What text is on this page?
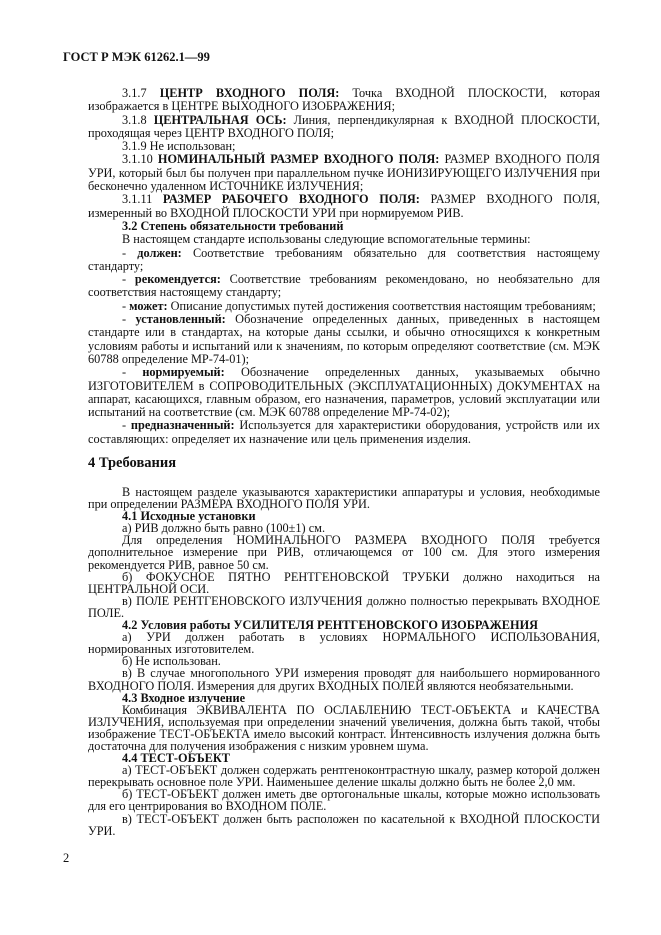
ГОСТ Р МЭК 61262.1—99

3.1.7 ЦЕНТР ВХОДНОГО ПОЛЯ: Точка ВХОДНОЙ ПЛОСКОСТИ, которая изображается в ЦЕНТРЕ ВЫХОДНОГО ИЗОБРАЖЕНИЯ;

3.1.8 ЦЕНТРАЛЬНАЯ ОСЬ: Линия, перпендикулярная к ВХОДНОЙ ПЛОСКОСТИ, проходящая через ЦЕНТР ВХОДНОГО ПОЛЯ;

3.1.9 Не использован;

3.1.10 НОМИНАЛЬНЫЙ РАЗМЕР ВХОДНОГО ПОЛЯ: РАЗМЕР ВХОДНОГО ПОЛЯ УРИ, который был бы получен при параллельном пучке ИОНИЗИРУЮЩЕГО ИЗЛУЧЕНИЯ при бесконечно удаленном ИСТОЧНИКЕ ИЗЛУЧЕНИЯ;

3.1.11 РАЗМЕР РАБОЧЕГО ВХОДНОГО ПОЛЯ: РАЗМЕР ВХОДНОГО ПОЛЯ, измеренный во ВХОДНОЙ ПЛОСКОСТИ УРИ при нормируемом РИВ.

3.2 Степень обязательности требований

В настоящем стандарте использованы следующие вспомогательные термины:

- должен: Соответствие требованиям обязательно для соответствия настоящему стандарту;

- рекомендуется: Соответствие требованиям рекомендовано, но необязательно для соответствия настоящему стандарту;

- может: Описание допустимых путей достижения соответствия настоящим требованиям;

- установленный: Обозначение определенных данных, приведенных в настоящем стандарте или в стандартах, на которые даны ссылки, и обычно относящихся к конкретным условиям работы и испытаний или к значениям, по которым определяют соответствие (см. МЭК 60788 определение МР-74-01);

- нормируемый: Обозначение определенных данных, указываемых обычно ИЗГОТОВИТЕЛЕМ в СОПРОВОДИТЕЛЬНЫХ (ЭКСПЛУАТАЦИОННЫХ) ДОКУМЕНТАХ на аппарат, касающихся, главным образом, его назначения, параметров, условий эксплуатации или испытаний на соответствие (см. МЭК 60788 определение МР-74-02);

- предназначенный: Используется для характеристики оборудования, устройств или их составляющих: определяет их назначение или цель применения изделия.

4 Требования

В настоящем разделе указываются характеристики аппаратуры и условия, необходимые при определении РАЗМЕРА ВХОДНОГО ПОЛЯ УРИ.

4.1 Исходные установки

а) РИВ должно быть равно (100±1) см.

Для определения НОМИНАЛЬНОГО РАЗМЕРА ВХОДНОГО ПОЛЯ требуется дополнительное измерение при РИВ, отличающемся от 100 см. Для этого измерения рекомендуется РИВ, равное 50 см.

б) ФОКУСНОЕ ПЯТНО РЕНТГЕНОВСКОЙ ТРУБКИ должно находиться на ЦЕНТРАЛЬНОЙ ОСИ.

в) ПОЛЕ РЕНТГЕНОВСКОГО ИЗЛУЧЕНИЯ должно полностью перекрывать ВХОДНОЕ ПОЛЕ.

4.2 Условия работы УСИЛИТЕЛЯ РЕНТГЕНОВСКОГО ИЗОБРАЖЕНИЯ

а) УРИ должен работать в условиях НОРМАЛЬНОГО ИСПОЛЬЗОВАНИЯ, нормированных изготовителем.

б) Не использован.

в) В случае многопольного УРИ измерения проводят для наибольшего нормированного ВХОДНОГО ПОЛЯ. Измерения для других ВХОДНЫХ ПОЛЕЙ являются необязательными.

4.3 Входное излучение

Комбинация ЭКВИВАЛЕНТА ПО ОСЛАБЛЕНИЮ ТЕСТ-ОБЪЕКТА и КАЧЕСТВА ИЗЛУЧЕНИЯ, используемая при определении значений увеличения, должна быть такой, чтобы изображение ТЕСТ-ОБЪЕКТА имело высокий контраст. Интенсивность излучения должна быть достаточна для получения изображения с низким уровнем шума.

4.4 ТЕСТ-ОБЪЕКТ

а) ТЕСТ-ОБЪЕКТ должен содержать рентгеноконтрастную шкалу, размер которой должен перекрывать основное поле УРИ. Наименьшее деление шкалы должно быть не более 2,0 мм.

б) ТЕСТ-ОБЪЕКТ должен иметь две ортогональные шкалы, которые можно использовать для его центрирования во ВХОДНОМ ПОЛЕ.

в) ТЕСТ-ОБЪЕКТ должен быть расположен по касательной к ВХОДНОЙ ПЛОСКОСТИ УРИ.

2
